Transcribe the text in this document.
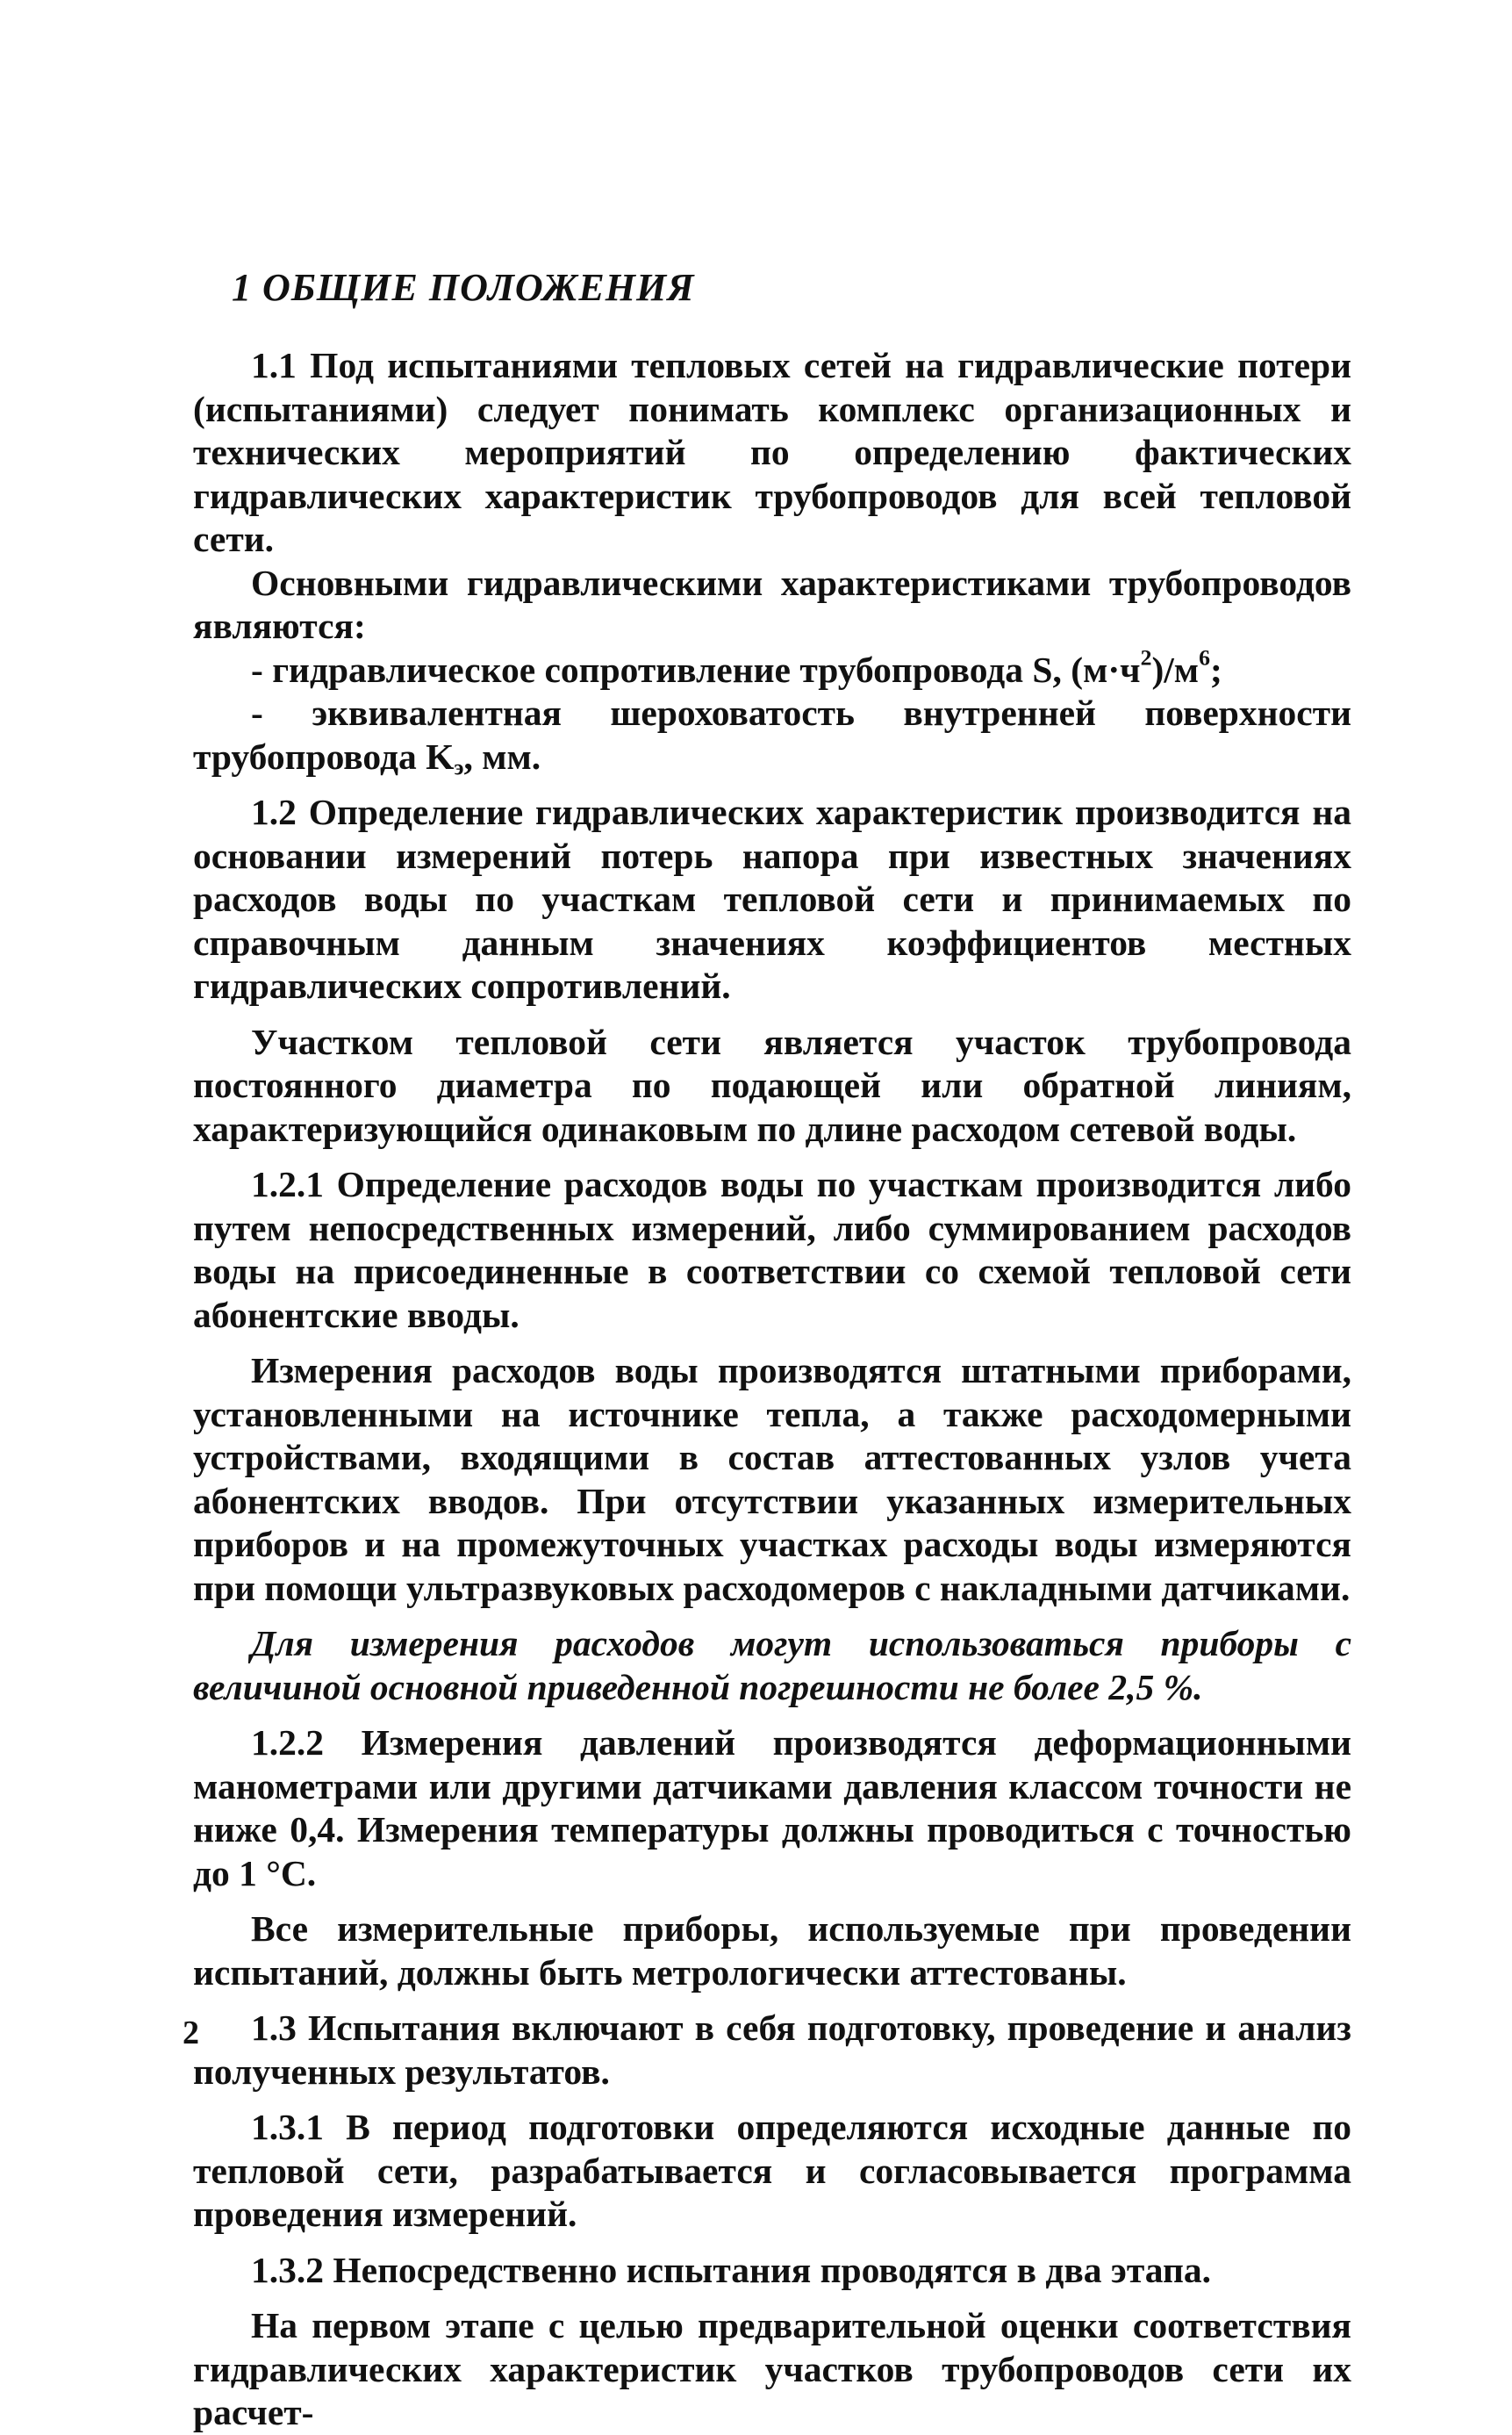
1 ОБЩИЕ ПОЛОЖЕНИЯ

1.1 Под испытаниями тепловых сетей на гидравлические потери (испытаниями) следует понимать комплекс организационных и технических мероприятий по определению фактических гидравлических характеристик трубопроводов для всей тепловой сети.

Основными гидравлическими характеристиками трубопроводов являются:

- гидравлическое сопротивление трубопровода S, $(м\cdot ч^2)/м^6$;

- эквивалентная шероховатость внутренней поверхности трубопровода $K_э$, мм.

1.2 Определение гидравлических характеристик производится на основании измерений потерь напора при известных значениях расходов воды по участкам тепловой сети и принимаемых по справочным данным значениях коэффициентов местных гидравлических сопротивлений.

Участком тепловой сети является участок трубопровода постоянного диаметра по подающей или обратной линиям, характеризующийся одинаковым по длине расходом сетевой воды.

1.2.1 Определение расходов воды по участкам производится либо путем непосредственных измерений, либо суммированием расходов воды на присоединенные в соответствии со схемой тепловой сети абонентские вводы.

Измерения расходов воды производятся штатными приборами, установленными на источнике тепла, а также расходомерными устройствами, входящими в состав аттестованных узлов учета абонентских вводов. При отсутствии указанных измерительных приборов и на промежуточных участках расходы воды измеряются при помощи ультразвуковых расходомеров с накладными датчиками.

Для измерения расходов могут использоваться приборы с величиной основной приведенной погрешности не более 2,5 %.

1.2.2 Измерения давлений производятся деформационными манометрами или другими датчиками давления классом точности не ниже 0,4. Измерения температуры должны проводиться с точностью до 1 °С.

Все измерительные приборы, используемые при проведении испытаний, должны быть метрологически аттестованы.

1.3 Испытания включают в себя подготовку, проведение и анализ полученных результатов.

1.3.1 В период подготовки определяются исходные данные по тепловой сети, разрабатывается и согласовывается программа проведения измерений.

1.3.2 Непосредственно испытания проводятся в два этапа.

На первом этапе с целью предварительной оценки соответствия гидравлических характеристик участков трубопроводов сети их расчет-

2
